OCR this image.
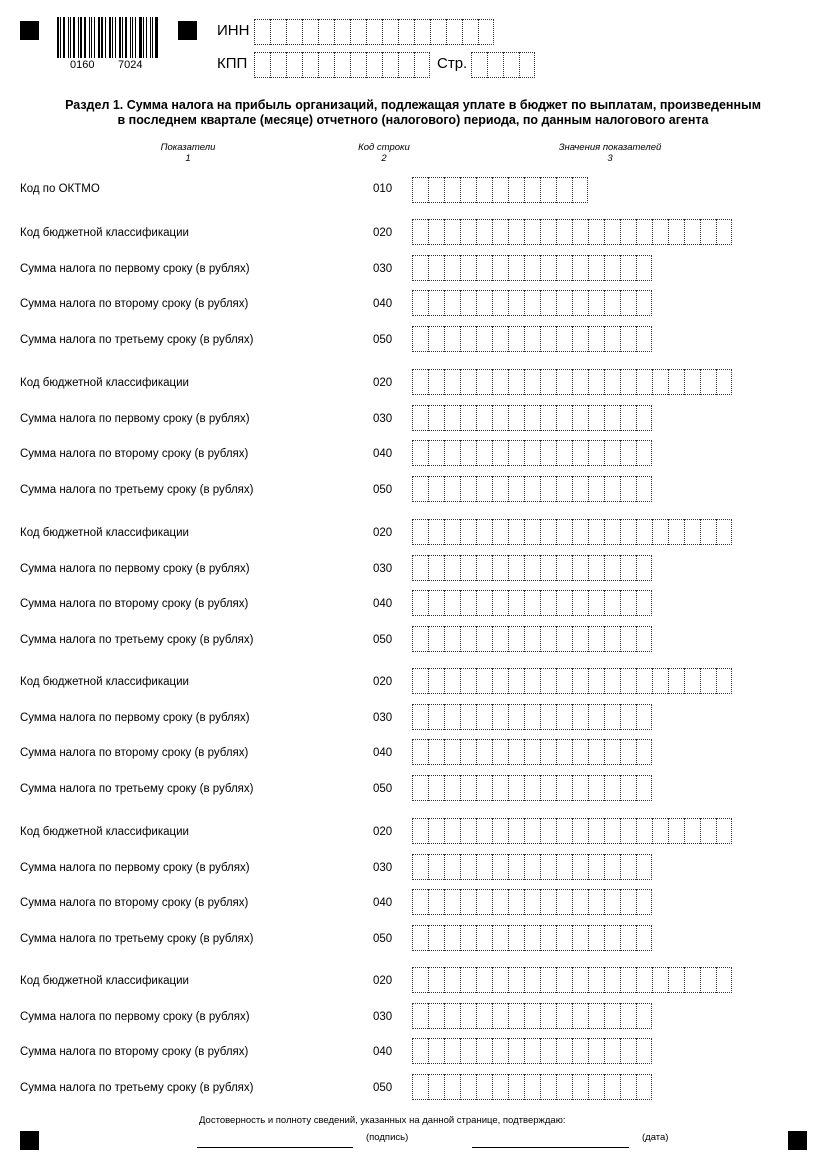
0160 7024
ИНН
КПП	Стр.
Раздел 1. Сумма налога на прибыль организаций, подлежащая уплате в бюджет по выплатам, произведенным
в последнем квартале (месяце) отчетного (налогового) периода, по данным налогового агента
Показатели
1
Код строки
2
Значения показателей
3
Код по ОКТМО	010
Код бюджетной классификации	020
Сумма налога по первому сроку (в рублях)	030
Сумма налога по второму сроку (в рублях)	040
Сумма налога по третьему сроку (в рублях)	050
Код бюджетной классификации	020
Сумма налога по первому сроку (в рублях)	030
Сумма налога по второму сроку (в рублях)	040
Сумма налога по третьему сроку (в рублях)	050
Код бюджетной классификации	020
Сумма налога по первому сроку (в рублях)	030
Сумма налога по второму сроку (в рублях)	040
Сумма налога по третьему сроку (в рублях)	050
Код бюджетной классификации	020
Сумма налога по первому сроку (в рублях)	030
Сумма налога по второму сроку (в рублях)	040
Сумма налога по третьему сроку (в рублях)	050
Код бюджетной классификации	020
Сумма налога по первому сроку (в рублях)	030
Сумма налога по второму сроку (в рублях)	040
Сумма налога по третьему сроку (в рублях)	050
Код бюджетной классификации	020
Сумма налога по первому сроку (в рублях)	030
Сумма налога по второму сроку (в рублях)	040
Сумма налога по третьему сроку (в рублях)	050
Достоверность и полноту сведений, указанных на данной странице, подтверждаю:
(подпись)	(дата)
